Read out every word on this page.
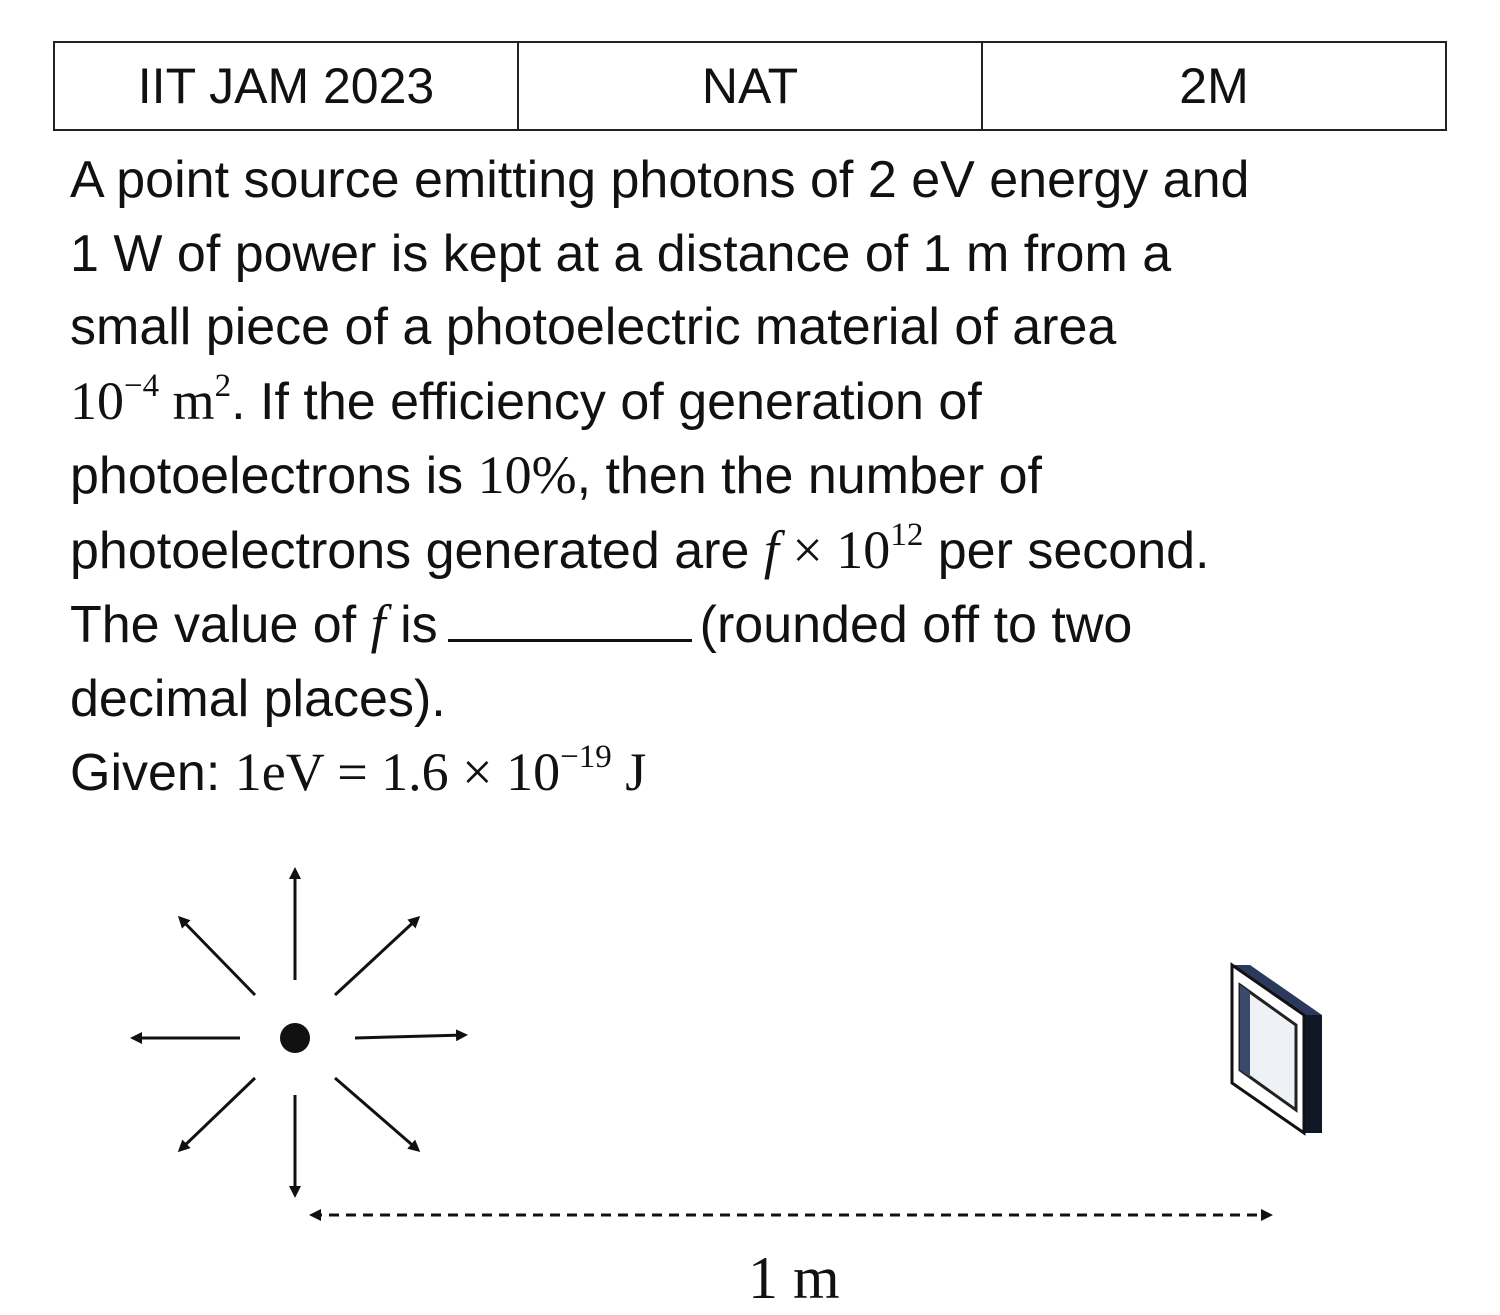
IIT JAM 2023	NAT	2M
A point source emitting photons of 2 eV energy and
1 W of power is kept at a distance of 1 m from a
small piece of a photoelectric material of area
$10^{-4}$ $m^2$. If the efficiency of generation of
photoelectrons is 10%, then the number of
photoelectrons generated are $f \times 10^{12}$ per second.
The value of f is	(rounded off to two
decimal places).
Given: $1eV = 1.6 \times 10^{-19}$ J
1 m
